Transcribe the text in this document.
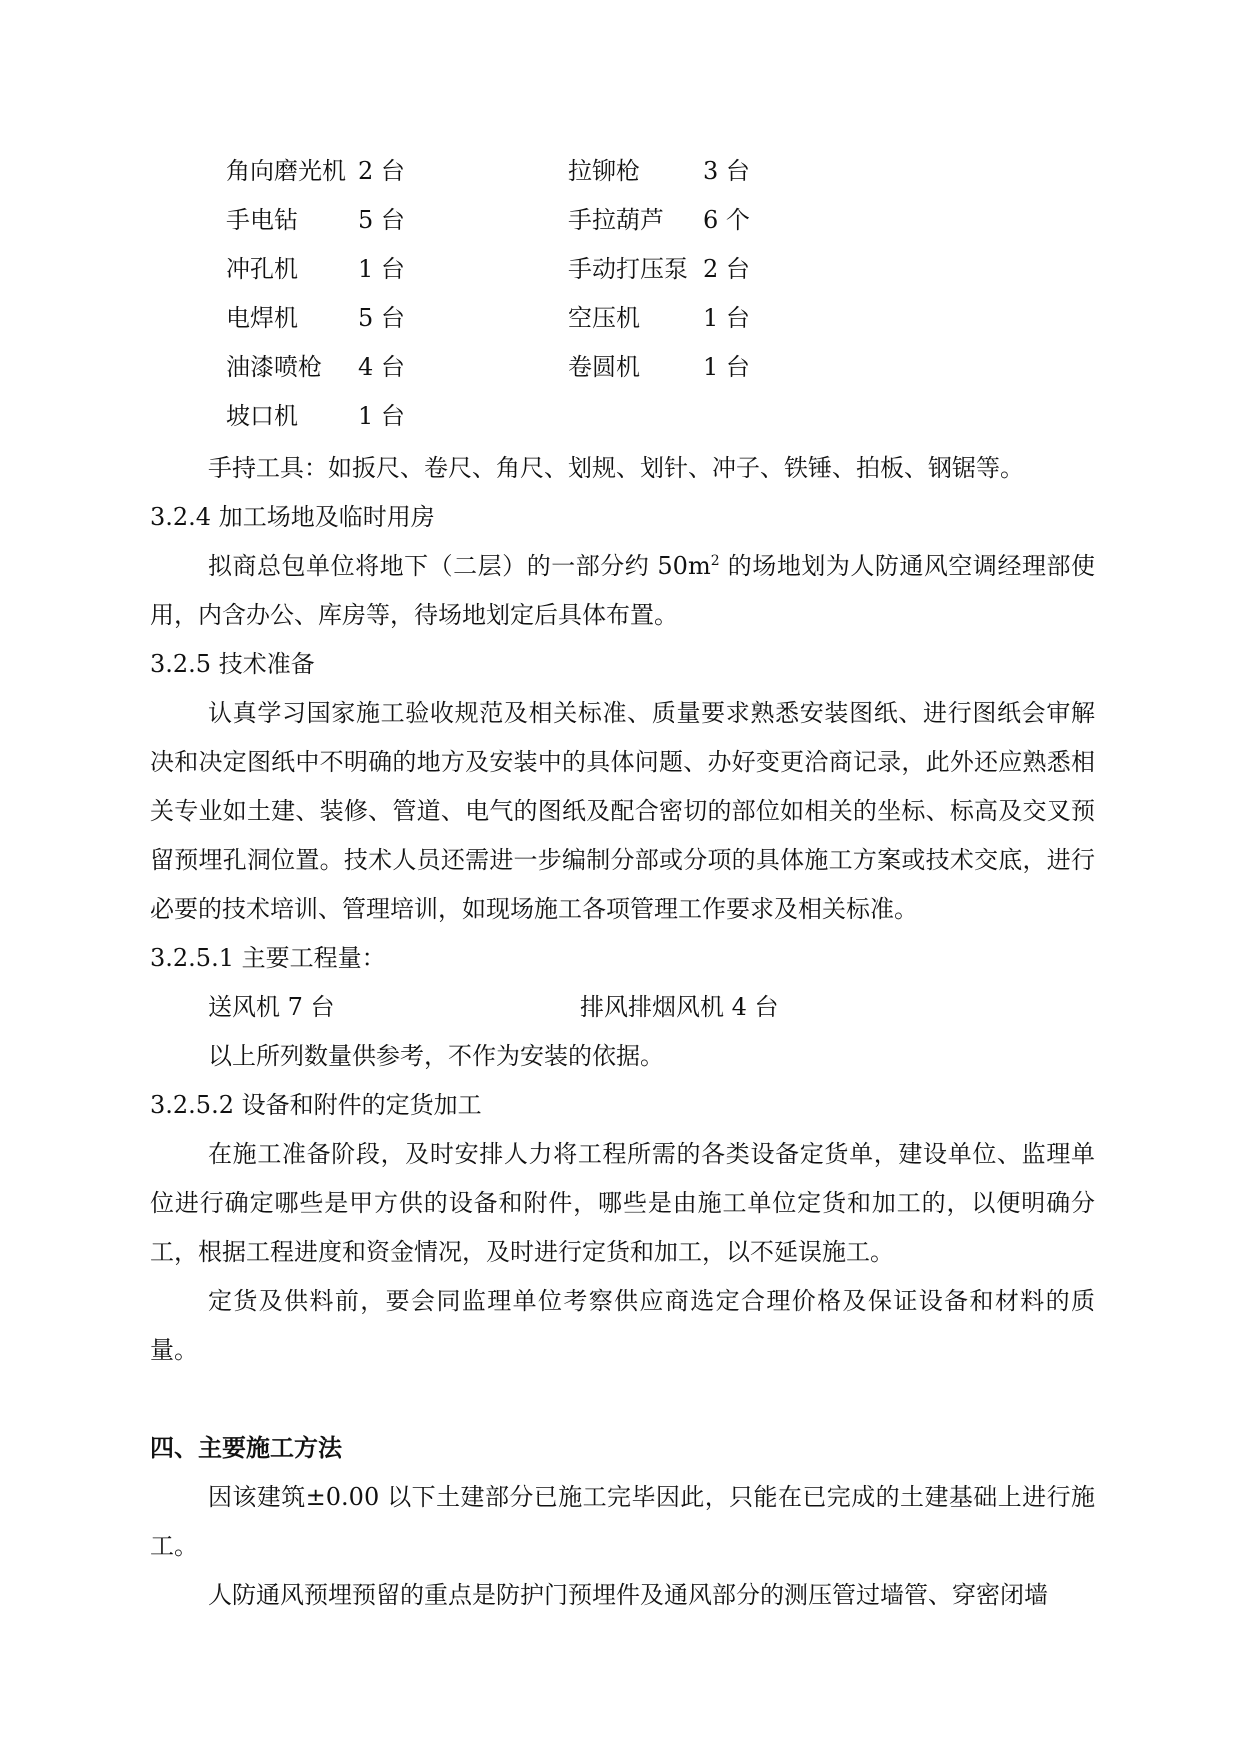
角向磨光机 2 台	拉铆枪	3 台
手电钻	5 台	手拉葫芦 6 个
冲孔机	1 台	手动打压泵 2 台
电焊机	5 台	空压机	1 台
油漆喷枪 4 台	卷圆机	1 台
坡口机	1 台

手持工具：如扳尺、卷尺、角尺、划规、划针、冲子、铁锤、拍板、钢锯等。

3.2.4 加工场地及临时用房

拟商总包单位将地下（二层）的一部分约 $50m^2$ 的场地划为人防通风空调经理部使用，内含办公、库房等，待场地划定后具体布置。

3.2.5 技术准备

认真学习国家施工验收规范及相关标准、质量要求熟悉安装图纸、进行图纸会审解决和决定图纸中不明确的地方及安装中的具体问题、办好变更洽商记录，此外还应熟悉相关专业如土建、装修、管道、电气的图纸及配合密切的部位如相关的坐标、标高及交叉预留预埋孔洞位置。技术人员还需进一步编制分部或分项的具体施工方案或技术交底，进行必要的技术培训、管理培训，如现场施工各项管理工作要求及相关标准。

3.2.5.1 主要工程量：

送风机 7 台	排风排烟风机 4 台

以上所列数量供参考，不作为安装的依据。

3.2.5.2 设备和附件的定货加工

在施工准备阶段，及时安排人力将工程所需的各类设备定货单，建设单位、监理单位进行确定哪些是甲方供的设备和附件，哪些是由施工单位定货和加工的，以便明确分工，根据工程进度和资金情况，及时进行定货和加工，以不延误施工。

定货及供料前，要会同监理单位考察供应商选定合理价格及保证设备和材料的质量。

四、主要施工方法

因该建筑±0.00 以下土建部分已施工完毕因此，只能在已完成的土建基础上进行施工。

人防通风预埋预留的重点是防护门预埋件及通风部分的测压管过墙管、穿密闭墙
